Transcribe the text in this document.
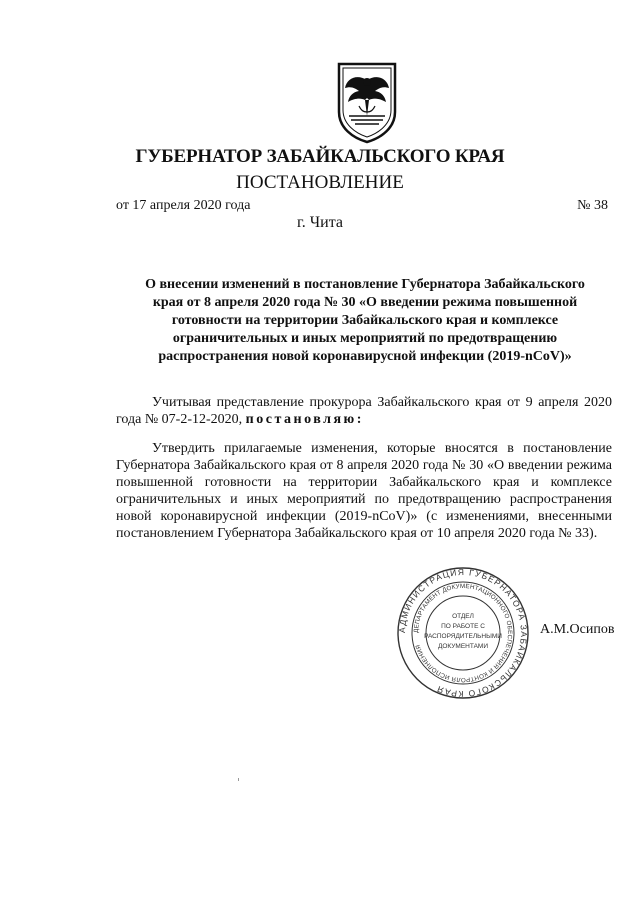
ГУБЕРНАТОР ЗАБАЙКАЛЬСКОГО КРАЯ
ПОСТАНОВЛЕНИЕ
от 17 апреля 2020 года	№ 38
г. Чита
О внесении изменений в постановление Губернатора Забайкальского
края от 8 апреля 2020 года № 30 «О введении режима повышенной
готовности на территории Забайкальского края и комплексе
ограничительных и иных мероприятий по предотвращению
распространения новой коронавирусной инфекции (2019-nCoV)»
Учитывая представление прокурора Забайкальского края от 9 апреля 2020 года № 07-2-12-2020, постановляю:
Утвердить прилагаемые изменения, которые вносятся в постановление Губернатора Забайкальского края от 8 апреля 2020 года № 30 «О введении режима повышенной готовности на территории Забайкальского края и комплексе ограничительных и иных мероприятий по предотвращению распространения новой коронавирусной инфекции (2019-nCoV)» (с изменениями, внесенными постановлением Губернатора Забайкальского края от 10 апреля 2020 года № 33).
АДМИНИСТРАЦИЯ ГУБЕРНАТОРА ЗАБАЙКАЛЬСКОГО КРАЯ
ДЕПАРТАМЕНТ ДОКУМЕНТАЦИОННОГО ОБЕСПЕЧЕНИЯ И КОНТРОЛЯ ИСПОЛНЕНИЯ
ОТДЕЛ
ПО РАБОТЕ С
РАСПОРЯДИТЕЛЬНЫМИ
ДОКУМЕНТАМИ
А.М.Осипов
